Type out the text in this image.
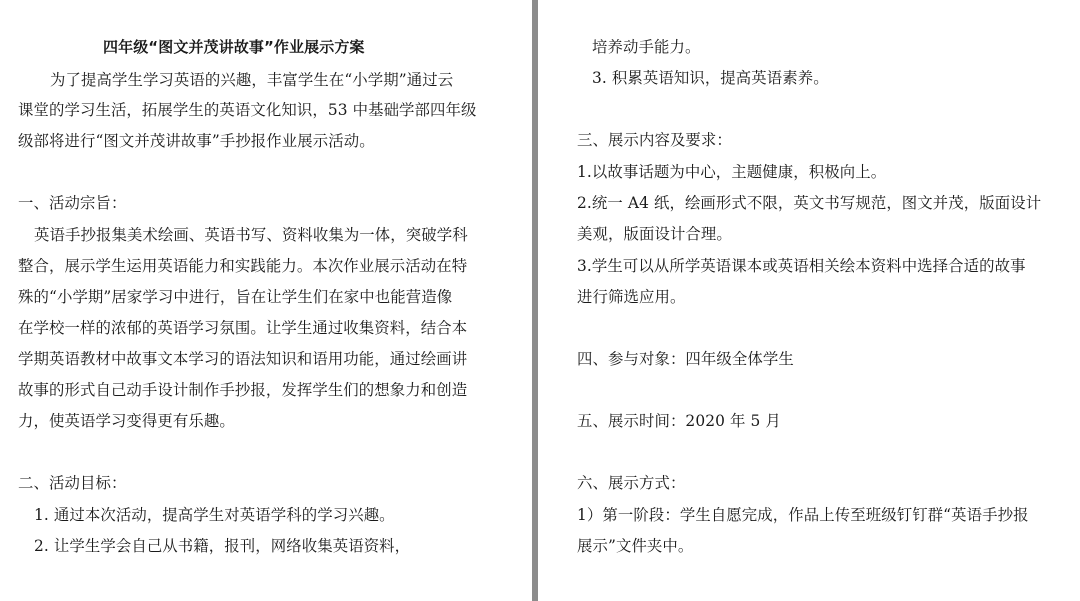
四年级“图文并茂讲故事”作业展示方案
为了提高学生学习英语的兴趣，丰富学生在“小学期”通过云
课堂的学习生活，拓展学生的英语文化知识，53 中基础学部四年级
级部将进行“图文并茂讲故事”手抄报作业展示活动。
一、活动宗旨：
英语手抄报集美术绘画、英语书写、资料收集为一体，突破学科
整合，展示学生运用英语能力和实践能力。本次作业展示活动在特
殊的“小学期”居家学习中进行，旨在让学生们在家中也能营造像
在学校一样的浓郁的英语学习氛围。让学生通过收集资料，结合本
学期英语教材中故事文本学习的语法知识和语用功能，通过绘画讲
故事的形式自己动手设计制作手抄报，发挥学生们的想象力和创造
力，使英语学习变得更有乐趣。
二、活动目标：
1. 通过本次活动，提高学生对英语学科的学习兴趣。
2. 让学生学会自己从书籍，报刊，网络收集英语资料，
培养动手能力。
3. 积累英语知识，提高英语素养。
三、展示内容及要求：
1.以故事话题为中心，主题健康，积极向上。
2.统一 A4 纸，绘画形式不限，英文书写规范，图文并茂，版面设计
美观，版面设计合理。
3.学生可以从所学英语课本或英语相关绘本资料中选择合适的故事
进行筛选应用。
四、参与对象：四年级全体学生
五、展示时间：2020 年 5 月
六、展示方式：
1）第一阶段：学生自愿完成，作品上传至班级钉钉群“英语手抄报
展示”文件夹中。
